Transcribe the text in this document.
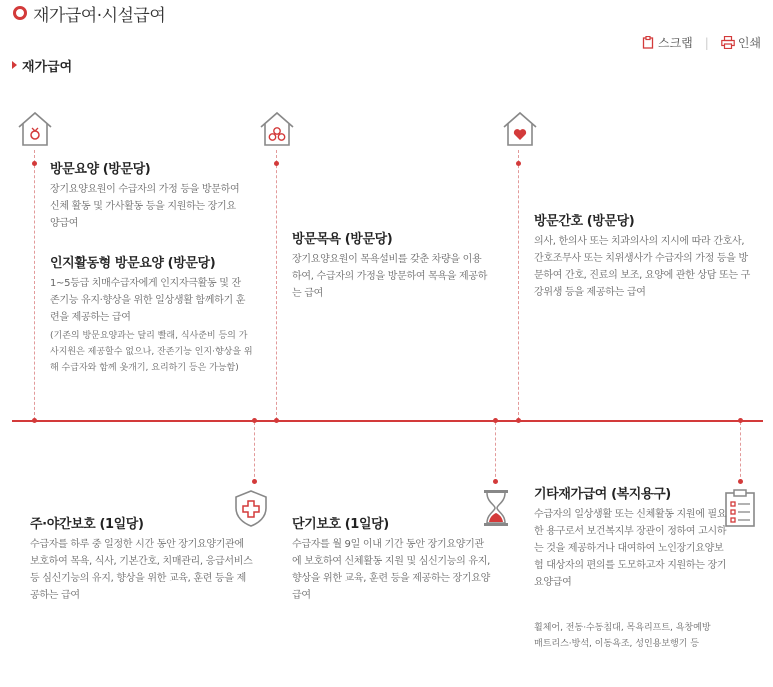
재가급여·시설급여
스크랩 | 인쇄
재가급여
방문요양 (방문당)
장기요양요원이 수급자의 가정 등을 방문하여 신체 활동 및 가사활동 등을 지원하는 장기요양급여
인지활동형 방문요양 (방문당)
1~5등급 치매수급자에게 인지자극활동 및 잔존기능 유지·향상을 위한 일상생활 함께하기 훈련을 제공하는 급여
(기존의 방문요양과는 달리 빨래, 식사준비 등의 가사지원은 제공할수 없으나, 잔존기능 인지·향상을 위해 수급자와 함께 옷개기, 요리하기 등은 가능함)
방문목욕 (방문당)
장기요양요원이 목욕설비를 갖춘 차량을 이용하여, 수급자의 가정을 방문하여 목욕을 제공하는 급여
방문간호 (방문당)
의사, 한의사 또는 치과의사의 지시에 따라 간호사, 간호조무사 또는 치위생사가 수급자의 가정 등을 방문하여 간호, 진료의 보조, 요양에 관한 상담 또는 구강위생 등을 제공하는 급여
주·야간보호 (1일당)
수급자를 하루 중 일정한 시간 동안 장기요양기관에 보호하여 목욕, 식사, 기본간호, 치매관리, 응급서비스 등 심신기능의 유지, 향상을 위한 교육, 훈련 등을 제공하는 급여
단기보호 (1일당)
수급자를 월 9일 이내 기간 동안 장기요양기관에 보호하여 신체활동 지원 및 심신기능의 유지, 향상을 위한 교육, 훈련 등을 제공하는 장기요양급여
기타재가급여 (복지용구)
수급자의 일상생활 또는 신체활동 지원에 필요한 용구로서 보건복지부 장관이 정하여 고시하는 것을 제공하거나 대여하여 노인장기요양보험 대상자의 편의를 도모하고자 지원하는 장기요양급여
휠체어, 전동·수동침대, 목욕리프트, 욕창예방매트리스·방석, 이동욕조, 성인용보행기 등
